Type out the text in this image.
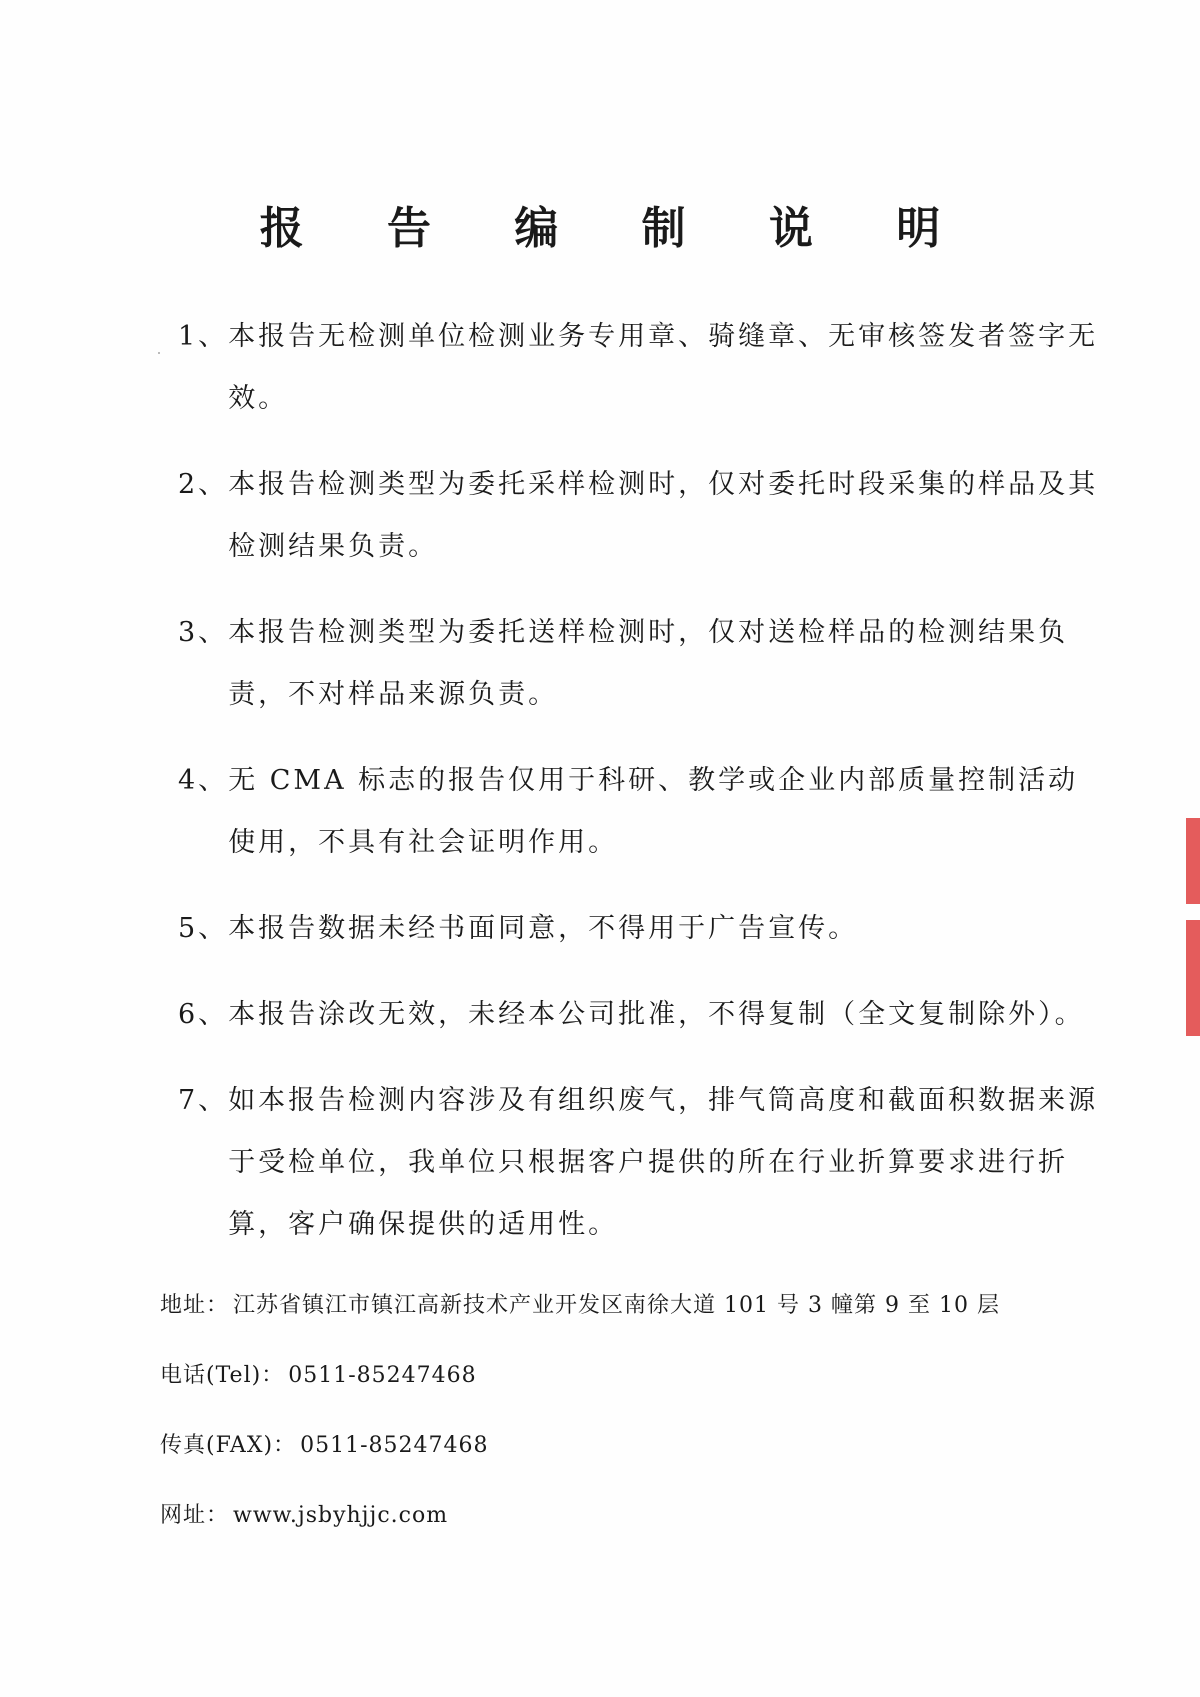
报 告 编 制 说 明
1、 本报告无检测单位检测业务专用章、骑缝章、无审核签发者签字无效。
2、 本报告检测类型为委托采样检测时，仅对委托时段采集的样品及其检测结果负责。
3、 本报告检测类型为委托送样检测时，仅对送检样品的检测结果负责，不对样品来源负责。
4、 无 CMA 标志的报告仅用于科研、教学或企业内部质量控制活动使用，不具有社会证明作用。
5、 本报告数据未经书面同意，不得用于广告宣传。
6、 本报告涂改无效，未经本公司批准，不得复制（全文复制除外）。
7、 如本报告检测内容涉及有组织废气，排气筒高度和截面积数据来源于受检单位，我单位只根据客户提供的所在行业折算要求进行折算，客户确保提供的适用性。
地址： 江苏省镇江市镇江高新技术产业开发区南徐大道 101 号 3 幢第 9 至 10 层
电话(Tel)： 0511-85247468
传真(FAX)： 0511-85247468
网址： www.jsbyhjjc.com
